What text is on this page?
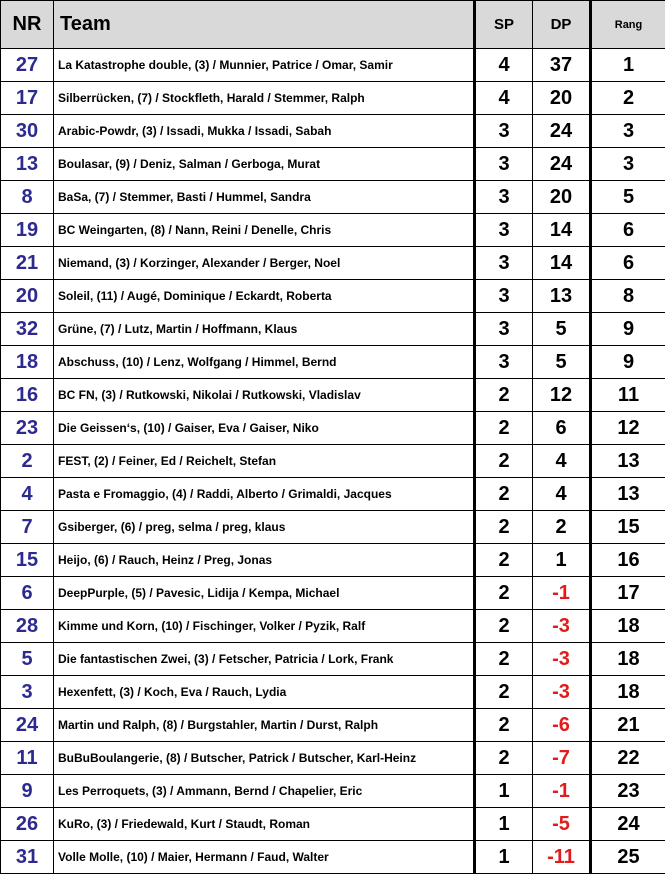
NR	Team	SP	DP	Rang
27	La Katastrophe double, (3) / Munnier, Patrice / Omar, Samir	4	37	1
17	Silberrücken, (7) / Stockfleth, Harald / Stemmer, Ralph	4	20	2
30	Arabic-Powdr, (3) / Issadi, Mukka / Issadi, Sabah	3	24	3
13	Boulasar, (9) / Deniz, Salman / Gerboga, Murat	3	24	3
8	BaSa, (7) / Stemmer, Basti / Hummel, Sandra	3	20	5
19	BC Weingarten, (8) / Nann, Reini / Denelle, Chris	3	14	6
21	Niemand, (3) / Korzinger, Alexander / Berger, Noel	3	14	6
20	Soleil, (11) / Augé, Dominique / Eckardt, Roberta	3	13	8
32	Grüne, (7) / Lutz, Martin / Hoffmann, Klaus	3	5	9
18	Abschuss, (10) / Lenz, Wolfgang / Himmel, Bernd	3	5	9
16	BC FN, (3) / Rutkowski, Nikolai / Rutkowski, Vladislav	2	12	11
23	Die Geissen‘s, (10) / Gaiser, Eva / Gaiser, Niko	2	6	12
2	FEST, (2) / Feiner, Ed / Reichelt, Stefan	2	4	13
4	Pasta e Fromaggio, (4) / Raddi, Alberto / Grimaldi, Jacques	2	4	13
7	Gsiberger, (6) / preg, selma / preg, klaus	2	2	15
15	Heijo, (6) / Rauch, Heinz / Preg, Jonas	2	1	16
6	DeepPurple, (5) / Pavesic, Lidija / Kempa, Michael	2	-1	17
28	Kimme und Korn, (10) / Fischinger, Volker / Pyzik, Ralf	2	-3	18
5	Die fantastischen Zwei, (3) / Fetscher, Patricia / Lork, Frank	2	-3	18
3	Hexenfett, (3) / Koch, Eva / Rauch, Lydia	2	-3	18
24	Martin und Ralph, (8) / Burgstahler, Martin / Durst, Ralph	2	-6	21
11	BuBuBoulangerie, (8) / Butscher, Patrick / Butscher, Karl-Heinz	2	-7	22
9	Les Perroquets, (3) / Ammann, Bernd / Chapelier, Eric	1	-1	23
26	KuRo, (3) / Friedewald, Kurt / Staudt, Roman	1	-5	24
31	Volle Molle, (10) / Maier, Hermann / Faud, Walter	1	-11	25
